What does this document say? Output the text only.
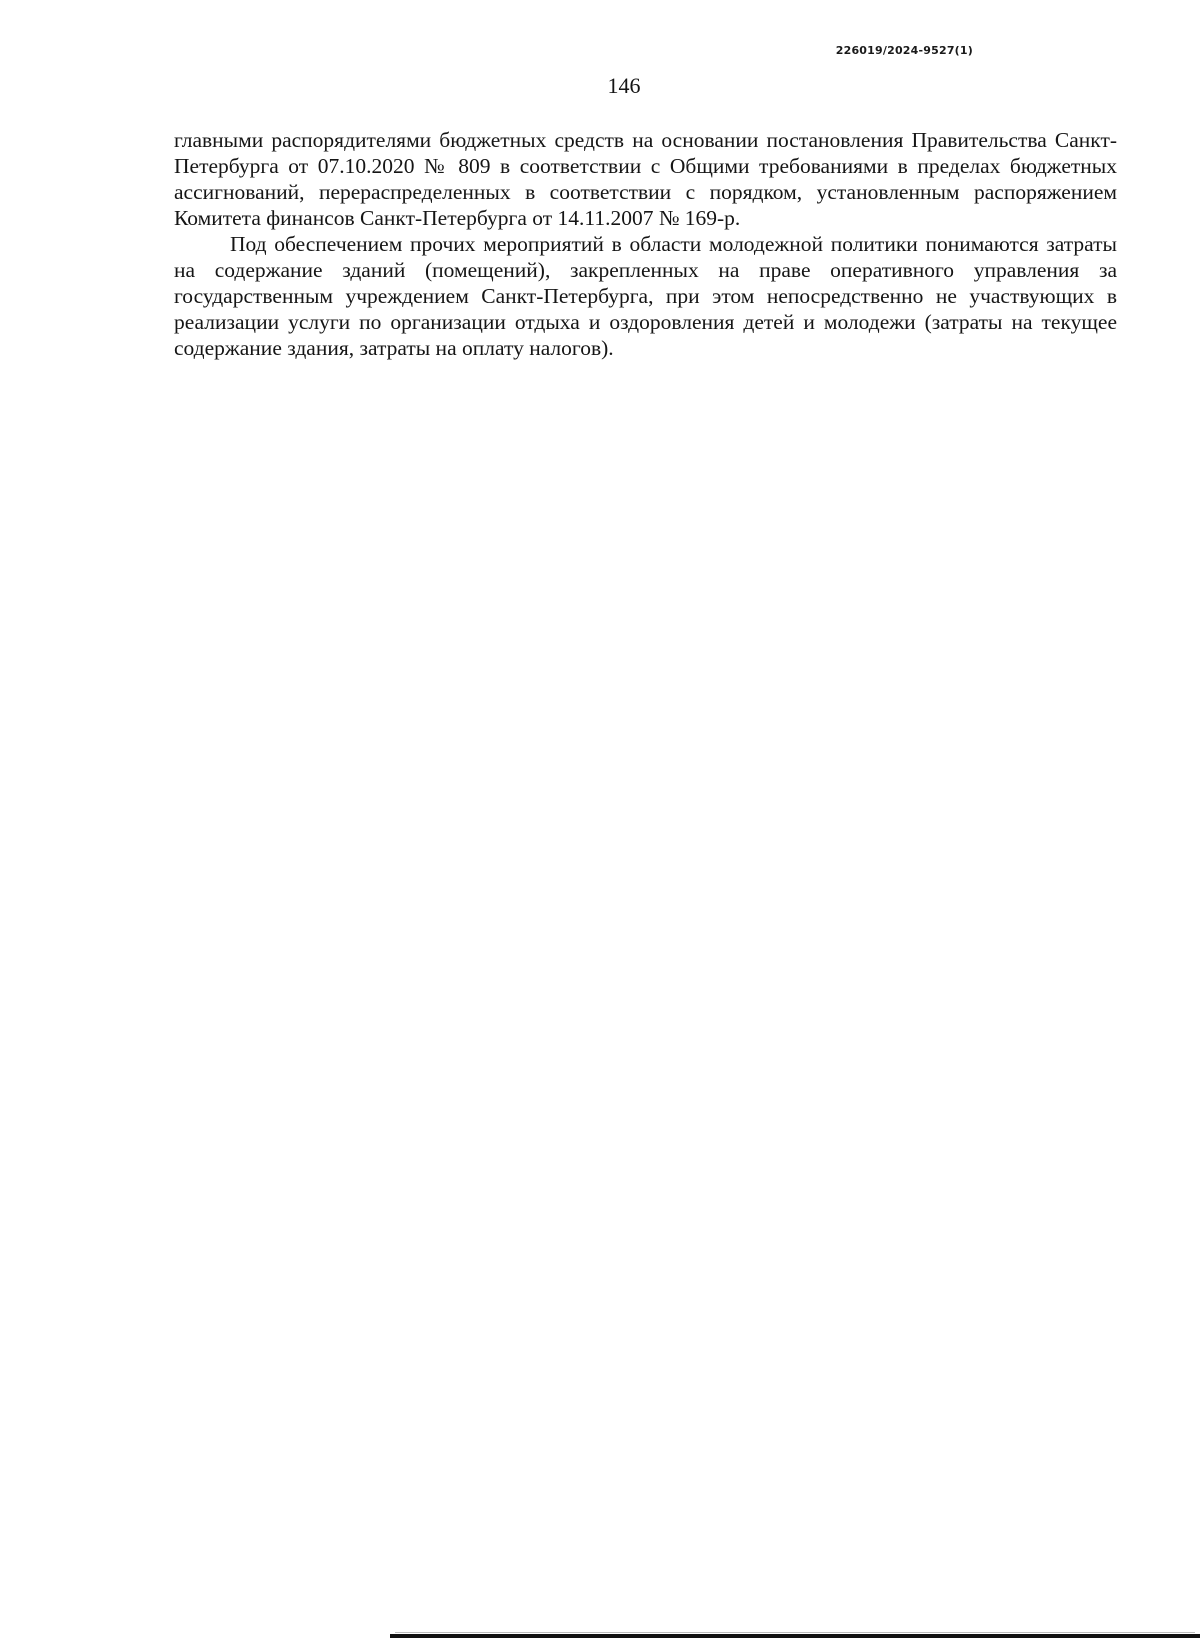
226019/2024-9527(1)
146

главными распорядителями бюджетных средств на основании постановления Правительства Санкт-Петербурга от 07.10.2020 № 809 в соответствии с Общими требованиями в пределах бюджетных ассигнований, перераспределенных в соответствии с порядком, установленным распоряжением Комитета финансов Санкт-Петербурга от 14.11.2007 № 169-р.

Под обеспечением прочих мероприятий в области молодежной политики понимаются затраты на содержание зданий (помещений), закрепленных на праве оперативного управления за государственным учреждением Санкт-Петербурга, при этом непосредственно не участвующих в реализации услуги по организации отдыха и оздоровления детей и молодежи (затраты на текущее содержание здания, затраты на оплату налогов).
